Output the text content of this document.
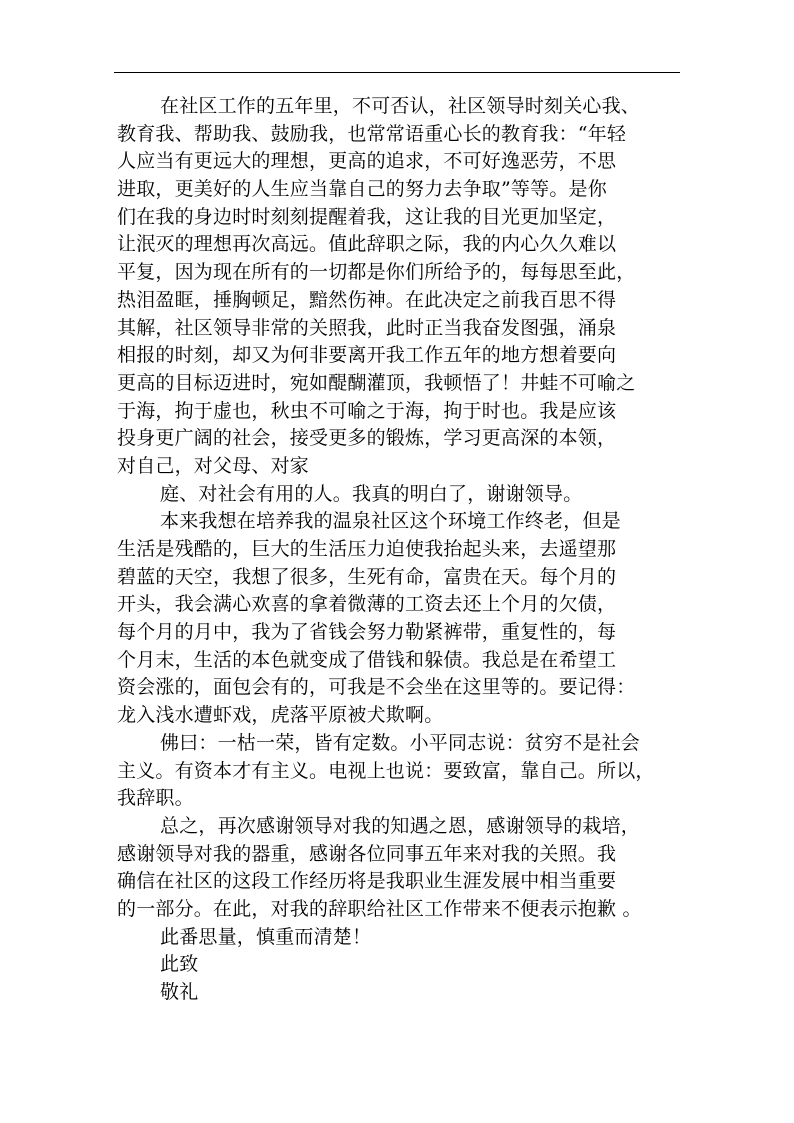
在社区工作的五年里，不可否认，社区领导时刻关心我、
教育我、帮助我、鼓励我，也常常语重心长的教育我：“年轻
人应当有更远大的理想，更高的追求，不可好逸恶劳，不思
进取，更美好的人生应当靠自己的努力去争取”等等。是你
们在我的身边时时刻刻提醒着我，这让我的目光更加坚定，
让泯灭的理想再次高远。值此辞职之际，我的内心久久难以
平复，因为现在所有的一切都是你们所给予的，每每思至此，
热泪盈眶，捶胸顿足，黯然伤神。在此决定之前我百思不得
其解，社区领导非常的关照我，此时正当我奋发图强，涌泉
相报的时刻，却又为何非要离开我工作五年的地方想着要向
更高的目标迈进时，宛如醍醐灌顶，我顿悟了！井蛙不可喻之
于海，拘于虚也，秋虫不可喻之于海，拘于时也。我是应该
投身更广阔的社会，接受更多的锻炼，学习更高深的本领，
对自己，对父母、对家
庭、对社会有用的人。我真的明白了，谢谢领导。
本来我想在培养我的温泉社区这个环境工作终老，但是
生活是残酷的，巨大的生活压力迫使我抬起头来，去遥望那
碧蓝的天空，我想了很多，生死有命，富贵在天。每个月的
开头，我会满心欢喜的拿着微薄的工资去还上个月的欠债，
每个月的月中，我为了省钱会努力勒紧裤带，重复性的，每
个月末，生活的本色就变成了借钱和躲债。我总是在希望工
资会涨的，面包会有的，可我是不会坐在这里等的。要记得：
龙入浅水遭虾戏，虎落平原被犬欺啊。
佛曰：一枯一荣，皆有定数。小平同志说：贫穷不是社会
主义。有资本才有主义。电视上也说：要致富，靠自己。所以，
我辞职。
总之，再次感谢领导对我的知遇之恩，感谢领导的栽培，
感谢领导对我的器重，感谢各位同事五年来对我的关照。我
确信在社区的这段工作经历将是我职业生涯发展中相当重要
的一部分。在此，对我的辞职给社区工作带来不便表示抱歉 。
此番思量，慎重而清楚！
此致
敬礼
